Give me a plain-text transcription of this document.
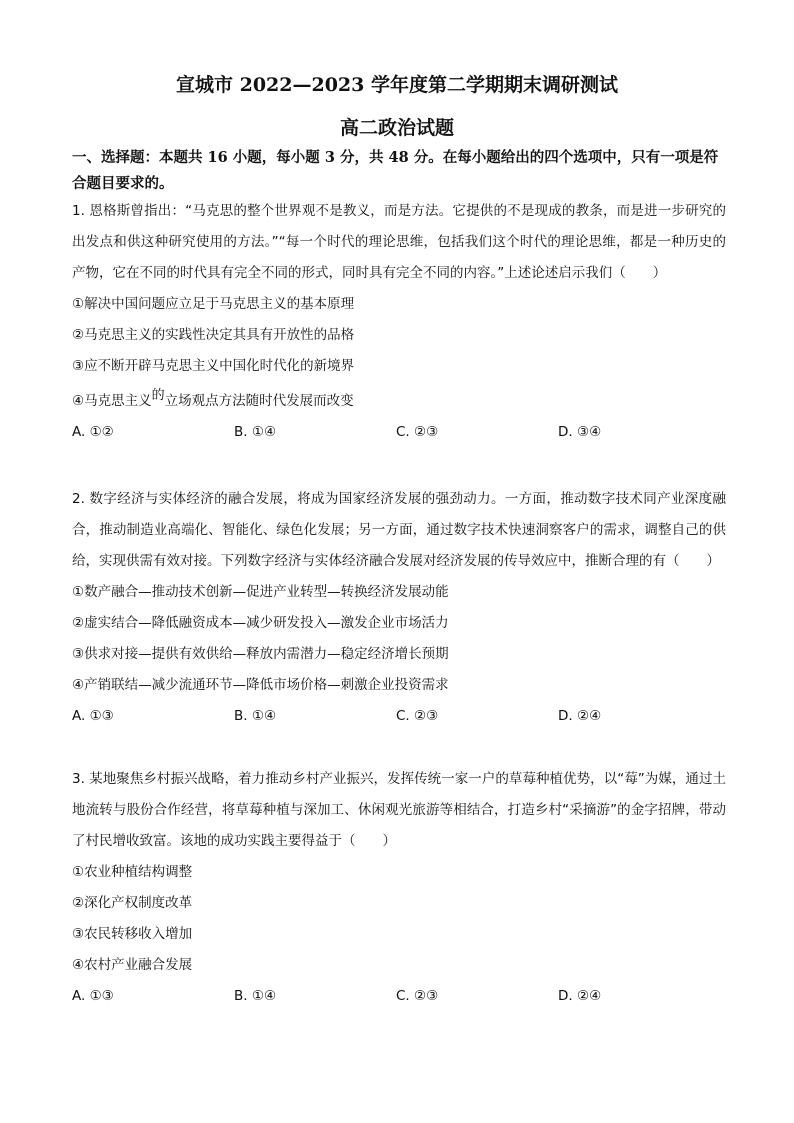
宣城市 2022—2023 学年度第二学期期末调研测试
高二政治试题
一、选择题：本题共 16 小题，每小题 3 分，共 48 分。在每小题给出的四个选项中，只有一项是符合题目要求的。
1. 恩格斯曾指出：“马克思的整个世界观不是教义，而是方法。它提供的不是现成的教条，而是进一步研究的出发点和供这种研究使用的方法。”“每一个时代的理论思维，包括我们这个时代的理论思维，都是一种历史的产物，它在不同的时代具有完全不同的形式，同时具有完全不同的内容。”上述论述启示我们（　　）
①解决中国问题应立足于马克思主义的基本原理
②马克思主义的实践性决定其具有开放性的品格
③应不断开辟马克思主义中国化时代化的新境界
④马克思主义的立场观点方法随时代发展而改变
A. ①②	B. ①④	C. ②③	D. ③④
2. 数字经济与实体经济的融合发展，将成为国家经济发展的强劲动力。一方面，推动数字技术同产业深度融合，推动制造业高端化、智能化、绿色化发展；另一方面，通过数字技术快速洞察客户的需求，调整自己的供给，实现供需有效对接。下列数字经济与实体经济融合发展对经济发展的传导效应中，推断合理的有（　　）
①数产融合—推动技术创新—促进产业转型—转换经济发展动能
②虚实结合—降低融资成本—减少研发投入—激发企业市场活力
③供求对接—提供有效供给—释放内需潜力—稳定经济增长预期
④产销联结—减少流通环节—降低市场价格—刺激企业投资需求
A. ①③	B. ①④	C. ②③	D. ②④
3. 某地聚焦乡村振兴战略，着力推动乡村产业振兴，发挥传统一家一户的草莓种植优势，以“莓”为媒，通过土地流转与股份合作经营，将草莓种植与深加工、休闲观光旅游等相结合，打造乡村“采摘游”的金字招牌，带动了村民增收致富。该地的成功实践主要得益于（　　）
①农业种植结构调整
②深化产权制度改革
③农民转移收入增加
④农村产业融合发展
A. ①③	B. ①④	C. ②③	D. ②④
